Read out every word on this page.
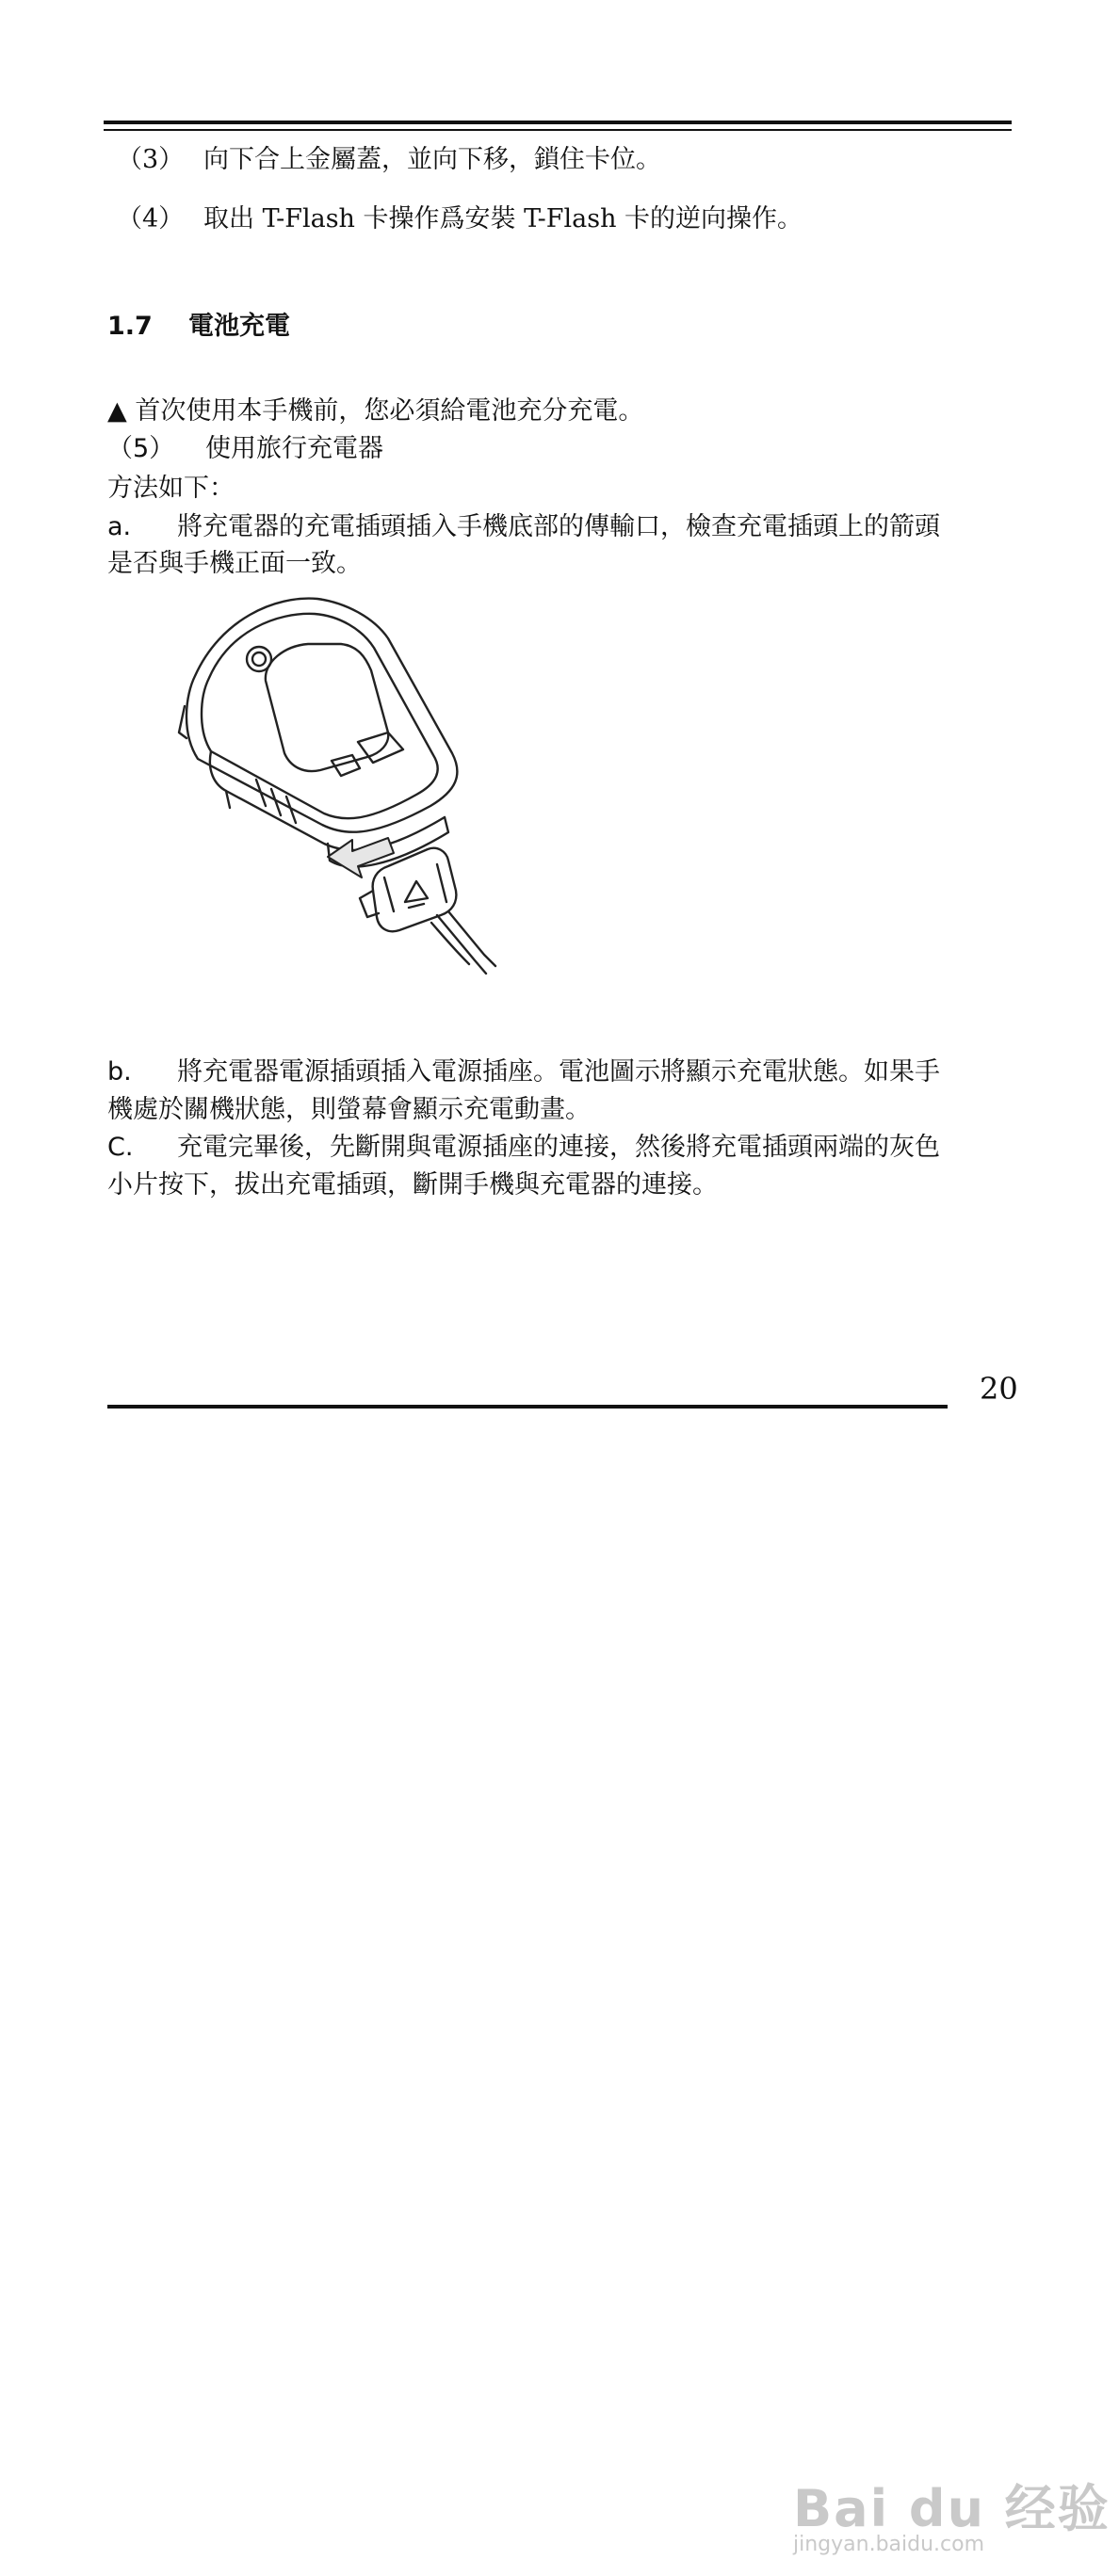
（3） 向下合上金屬蓋，並向下移，鎖住卡位。
（4） 取出 T-Flash 卡操作爲安裝 T-Flash 卡的逆向操作。
1.7 電池充電
▲ 首次使用本手機前，您必須給電池充分充電。
（5） 使用旅行充電器
方法如下：
a. 將充電器的充電插頭插入手機底部的傳輸口，檢查充電插頭上的箭頭
是否與手機正面一致。
b. 將充電器電源插頭插入電源插座。電池圖示將顯示充電狀態。如果手
機處於關機狀態，則螢幕會顯示充電動畫。
C. 充電完畢後，先斷開與電源插座的連接，然後將充電插頭兩端的灰色
小片按下，拔出充電插頭，斷開手機與充電器的連接。
20
Bai du 经验
jingyan.baidu.com
